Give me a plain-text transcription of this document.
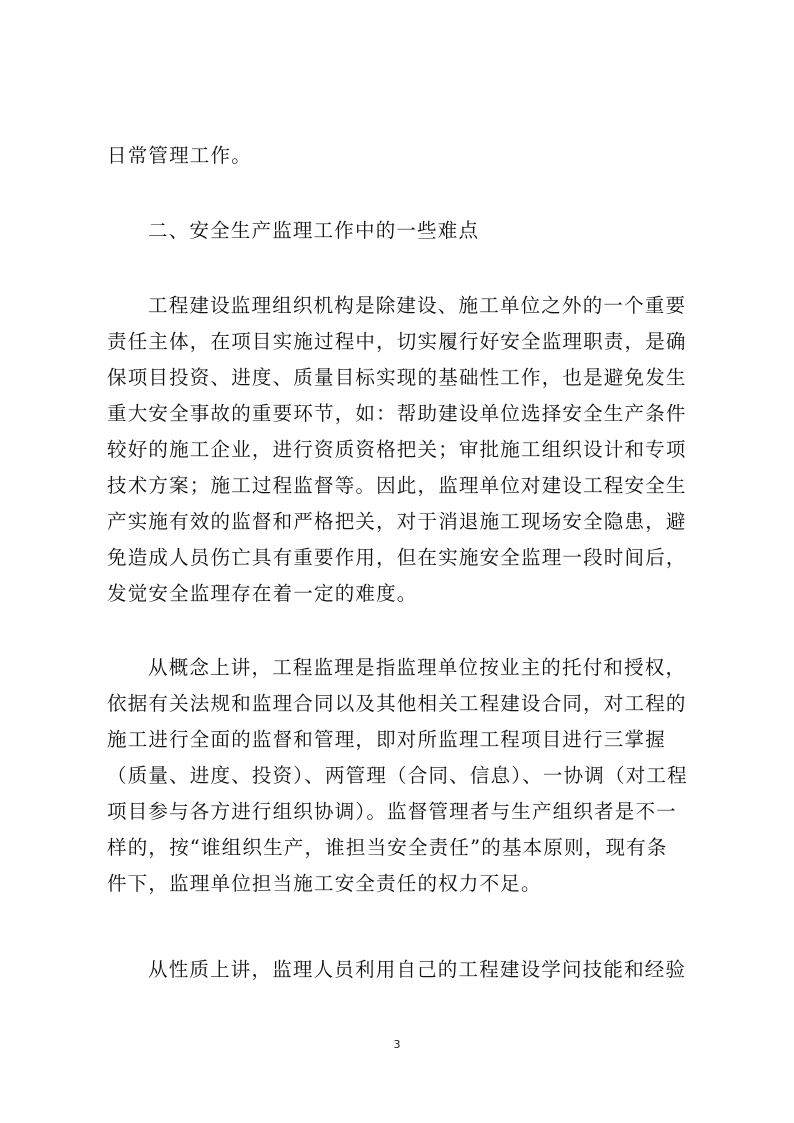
日常管理工作。
二、安全生产监理工作中的一些难点
工程建设监理组织机构是除建设、施工单位之外的一个重要
责任主体，在项目实施过程中，切实履行好安全监理职责，是确
保项目投资、进度、质量目标实现的基础性工作，也是避免发生
重大安全事故的重要环节，如：帮助建设单位选择安全生产条件
较好的施工企业，进行资质资格把关；审批施工组织设计和专项
技术方案；施工过程监督等。因此，监理单位对建设工程安全生
产实施有效的监督和严格把关，对于消退施工现场安全隐患，避
免造成人员伤亡具有重要作用，但在实施安全监理一段时间后，
发觉安全监理存在着一定的难度。
从概念上讲，工程监理是指监理单位按业主的托付和授权，
依据有关法规和监理合同以及其他相关工程建设合同，对工程的
施工进行全面的监督和管理，即对所监理工程项目进行三掌握
（质量、进度、投资）、两管理（合同、信息）、一协调（对工程
项目参与各方进行组织协调）。监督管理者与生产组织者是不一
样的，按“谁组织生产，谁担当安全责任”的基本原则，现有条
件下，监理单位担当施工安全责任的权力不足。
从性质上讲，监理人员利用自己的工程建设学问技能和经验
3
